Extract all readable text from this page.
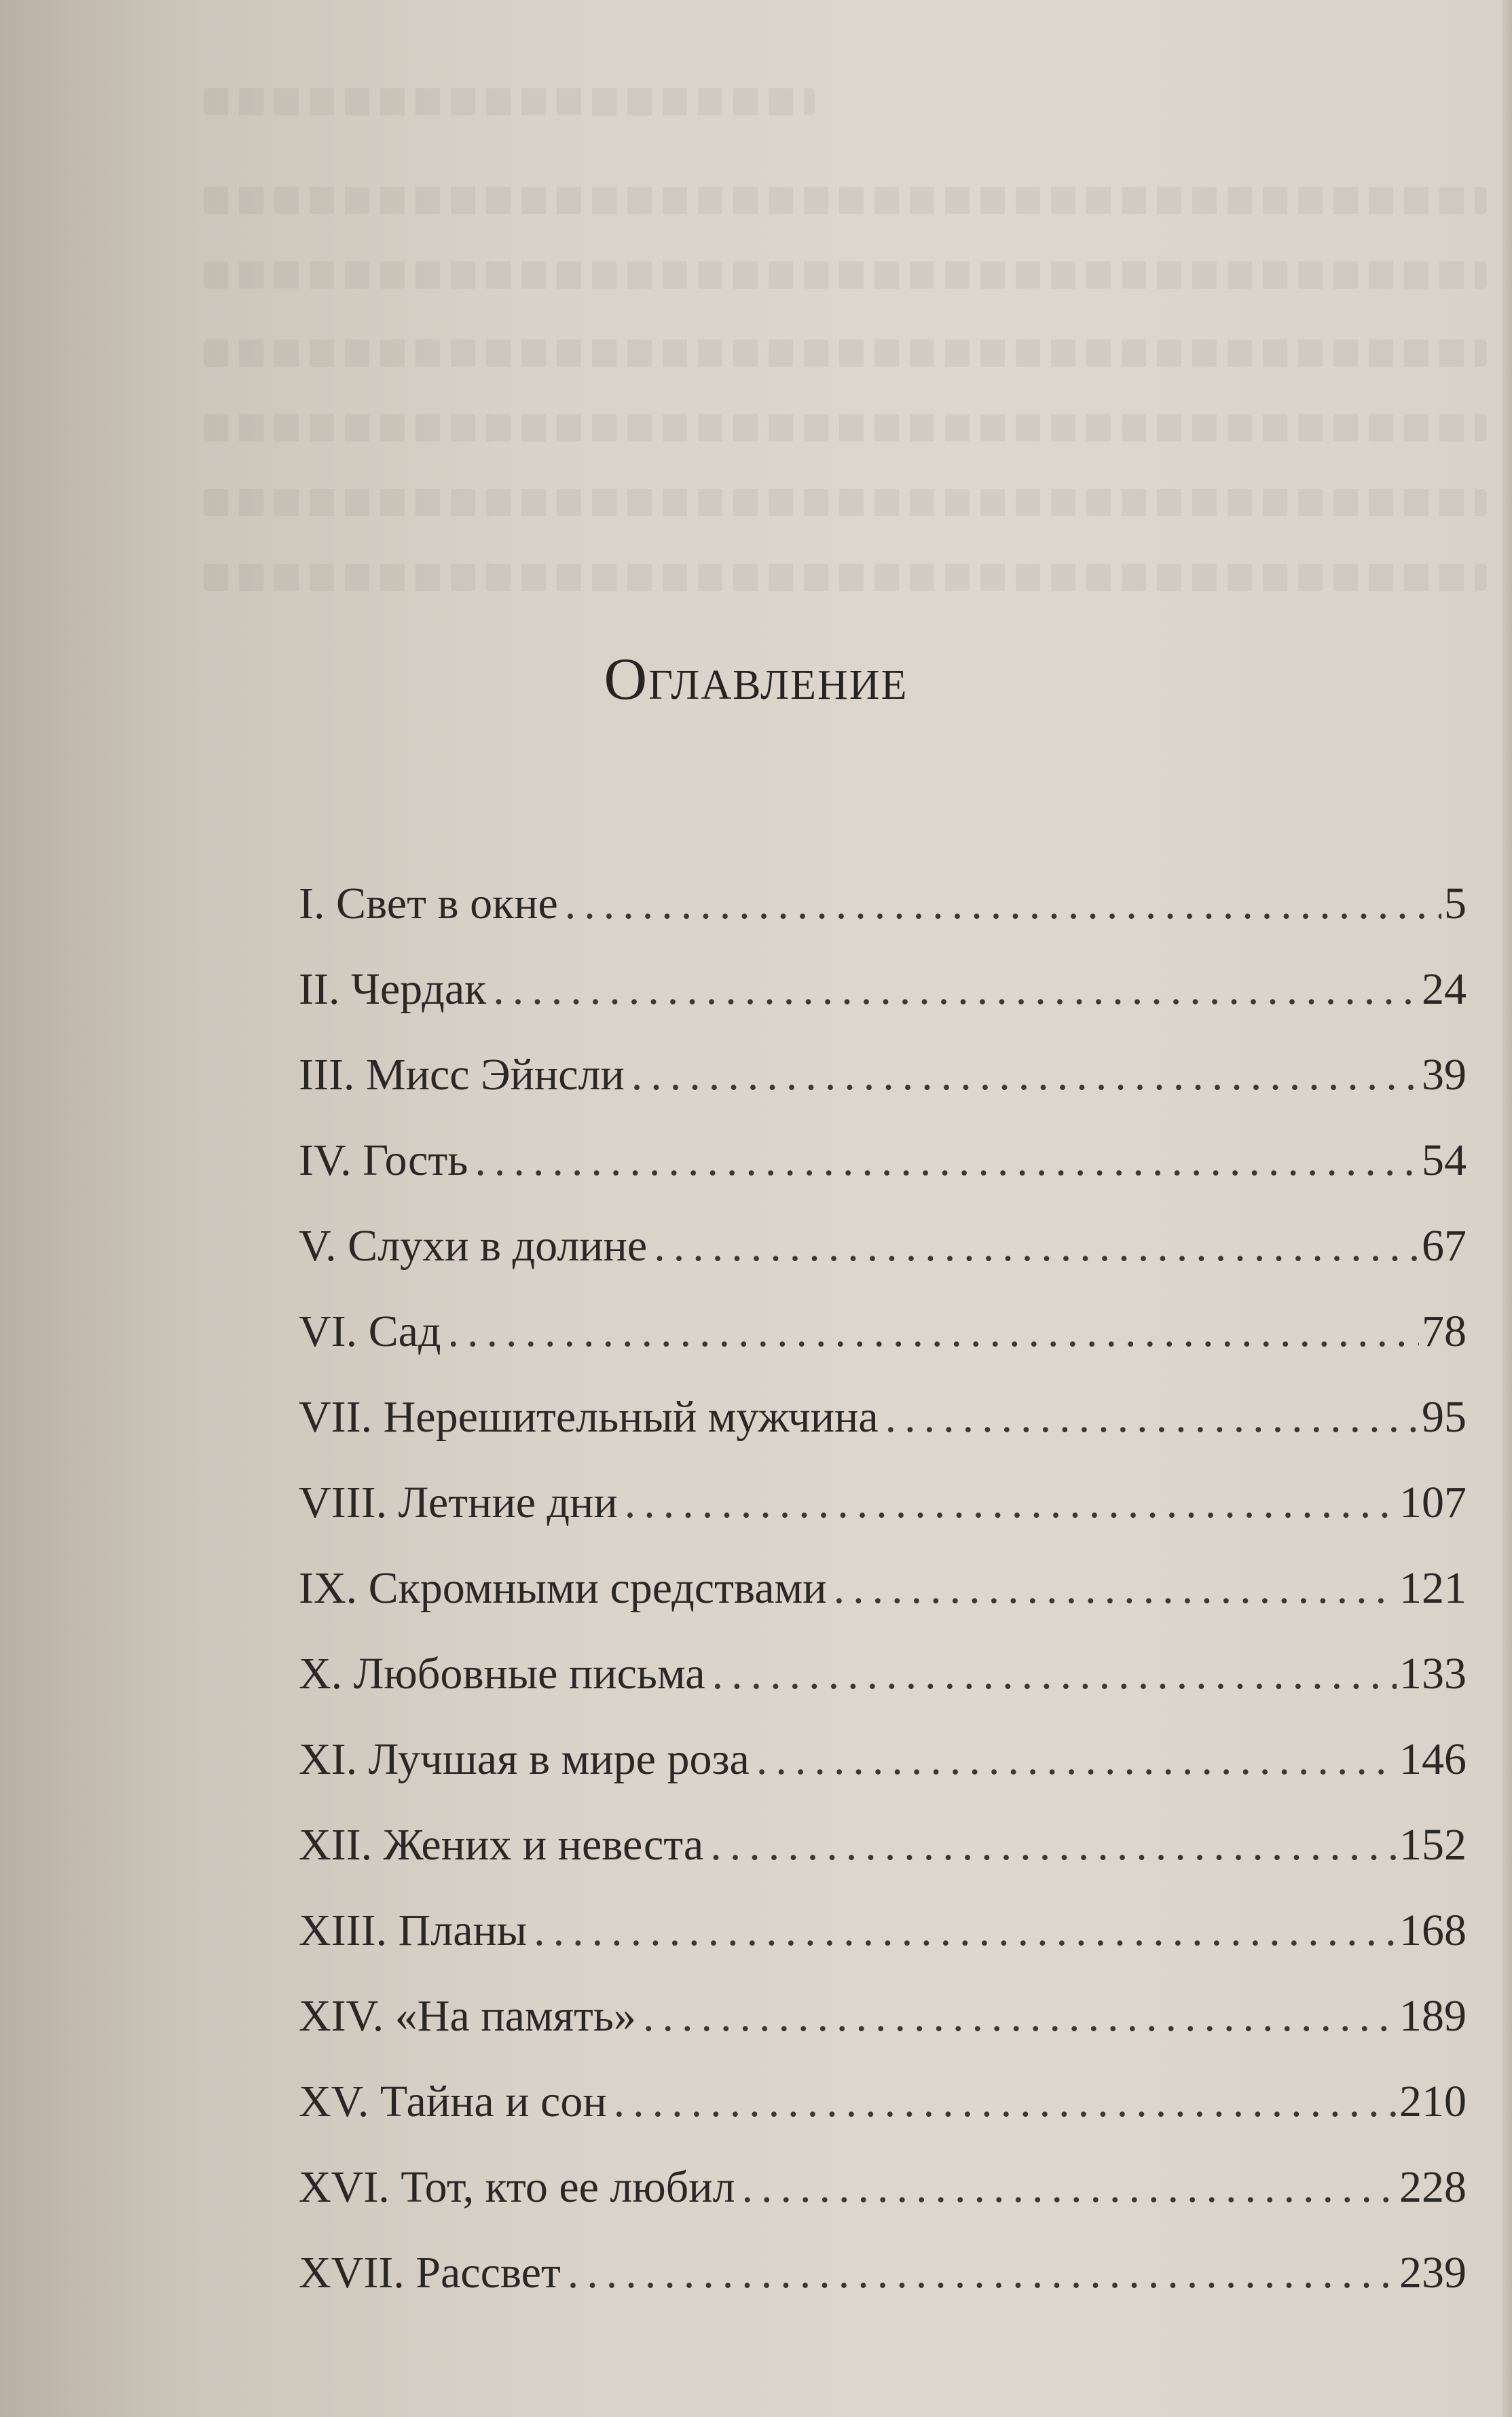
Оглавление
I. Свет в окне .....	5
II. Чердак .....	24
III. Мисс Эйнсли .....	39
IV. Гость .....	54
V. Слухи в долине .....	67
VI. Сад .....	78
VII. Нерешительный мужчина .....	95
VIII. Летние дни .....	107
IX. Скромными средствами .....	121
X. Любовные письма .....	133
XI. Лучшая в мире роза .....	146
XII. Жених и невеста .....	152
XIII. Планы .....	168
XIV. «На память» .....	189
XV. Тайна и сон .....	210
XVI. Тот, кто ее любил .....	228
XVII. Рассвет .....	239
